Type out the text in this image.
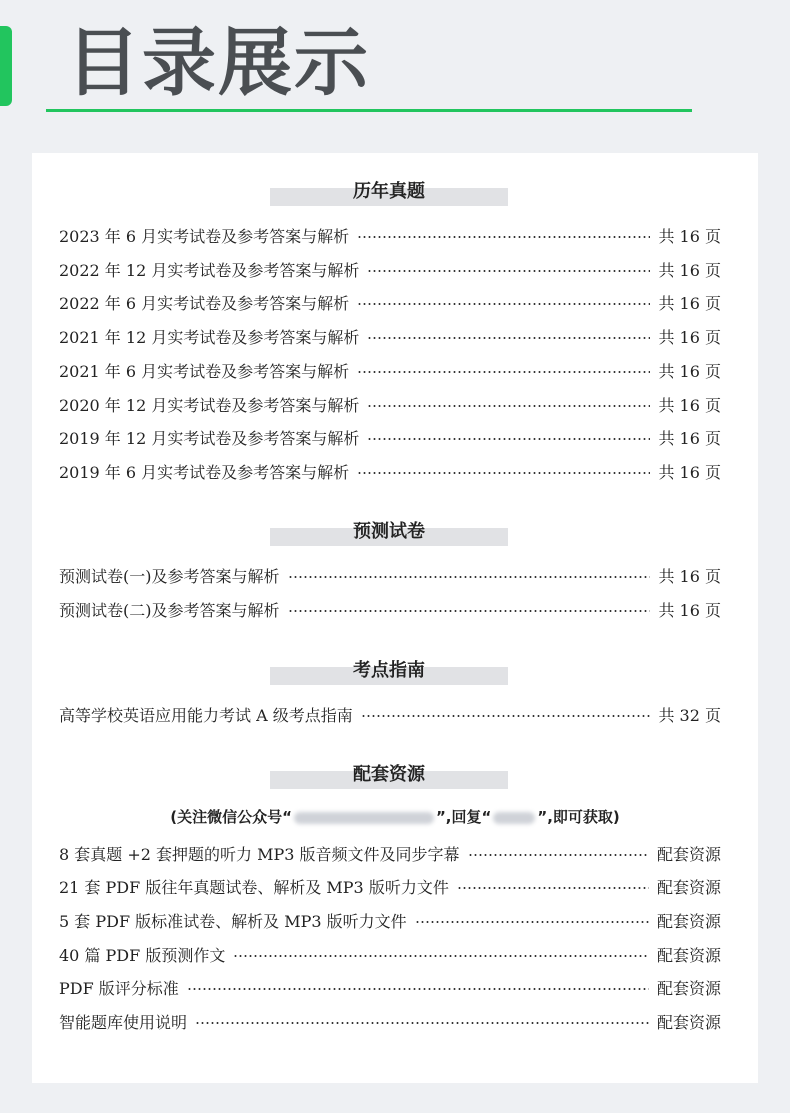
目录展示
历年真题
2023 年 6 月实考试卷及参考答案与解析	共 16 页
2022 年 12 月实考试卷及参考答案与解析	共 16 页
2022 年 6 月实考试卷及参考答案与解析	共 16 页
2021 年 12 月实考试卷及参考答案与解析	共 16 页
2021 年 6 月实考试卷及参考答案与解析	共 16 页
2020 年 12 月实考试卷及参考答案与解析	共 16 页
2019 年 12 月实考试卷及参考答案与解析	共 16 页
2019 年 6 月实考试卷及参考答案与解析	共 16 页
预测试卷
预测试卷(一)及参考答案与解析	共 16 页
预测试卷(二)及参考答案与解析	共 16 页
考点指南
高等学校英语应用能力考试 A 级考点指南	共 32 页
配套资源
(关注微信公众号“	”,回复“	”,即可获取)
8 套真题 +2 套押题的听力 MP3 版音频文件及同步字幕	配套资源
21 套 PDF 版往年真题试卷、解析及 MP3 版听力文件	配套资源
5 套 PDF 版标准试卷、解析及 MP3 版听力文件	配套资源
40 篇 PDF 版预测作文	配套资源
PDF 版评分标准	配套资源
智能题库使用说明	配套资源
